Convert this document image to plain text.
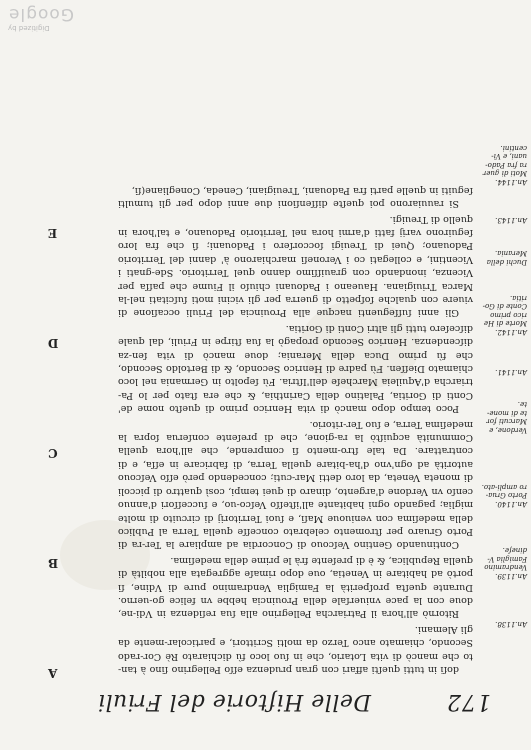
172
Delle Hiſtorie del Friuli
A
B
C
D
E

doſi in tutti queſti affari con gran prudenza eſſo Pellegrino ſino à tan-to che mancò di vita Lotario, che in ſuo loco fù dichiarato Rè Cor-rado Secondo, chiamato anco Terzo da molti Scrittori, e particolar-mente da gli Alemani.

Ritornò all'hora il Patriarcha Pellegrino alla ſua reſidenza in Vdi-ne, doue con la pace vniuerſale della Prouincia hebbe vn felice go-uerno. Durante queſta proſperità la Famiglia Vendramino pure di Vdine, ſi portò ad habitare in Venetia, oue dopo rimaſe aggregata alla nobiltà di quella Republica, & è di preſente frà le prime della medeſima.

Continuando Gentino Veſcouo di Concordia ad ampliare la Ter-ra di Porto Gruaro per ſtromento celebrato conceſſe quella Terra al Publico della medeſima con veniuoue Maſi, e ſuoi Territorij di circuito di molte miglia; pagando ogni habitante all'iſteſſo Veſco-uo, e ſucceſſori d'annuo cenſo vn Verdone d'argento, dinaro di quei tempi, così quattro di piccoli di moneta Veneta, da loro detti Mar-cuti; concedendo però eſſo Veſcouo autorità ad ogn'vno d'ha-bitare quella Terra, di fabricare in eſſa, e di contrattare. Da tale ſtro-mento ſi comprende, che all'hora quella Communità acquiſtò la ra-gione, che di preſente conſerua ſopra la medeſima Terra, e ſuo Ter-ritorio.

Poco tempo dopo mancò di vita Henrico primo di queſto nome de' Conti di Goritia, Palatino della Carinthia, & che era ſtato per lo Pa-triarcha d'Aquileia Marcheſe dell'Iſtria. Fù ſepolto in Germania nel loco chiamato Dieſſen. Fù padre di Henrico Secondo, & di Bertoldo Secondo, che fù primo Duca della Merania; doue mancò di vita ſen-za diſcendenza. Henrico Secondo propagò la ſua ſtirpe in Friuli, dal quale diſceſero tutti gli altri Conti di Goritia.

Gli anni ſuſſeguenti nacque alla Prouincia del Friuli occaſione di viuere con qualche ſoſpetto di guerra per gli vicini moti ſuſcitati nel-la Marca Triuigiana. Haueano i Padouani chiuſo il Fiume che paſſa per Vicenza, inondando con grauiſſimo danno quel Territorio. Sde-gnati i Vicentini, e collegati co i Veroneſi marchiarono à' danni del Territorio Padouano; Quei di Treuigi ſoccorſero i Padouani; ſì che fra loro ſeguirono varij fatti d'armi hora nel Territorio Padouano, e tal'hora in quello di Treuigi.

Si rauuiarono poi queſte diſſenſioni due anni dopo per gli tumulti ſeguiti in quelle parti fra Padouani, Treuigiani, Ceneda, Conegliane(ſi,

An.1138.
An.1139. Vendramino Famiglia V-dineſe.
An.1140. Porto Grua-ro ampli-ato.
Verdone, e Marcuti for te di mone-te.
An.1141.
An.1142. Morte di He rico primo Conte di Go-ritia.
Duchi della Merania.
An.1143.
An.1144. Moti di guer ra fra Pado-uani, e Vi-centini.
Digitized by
Google
